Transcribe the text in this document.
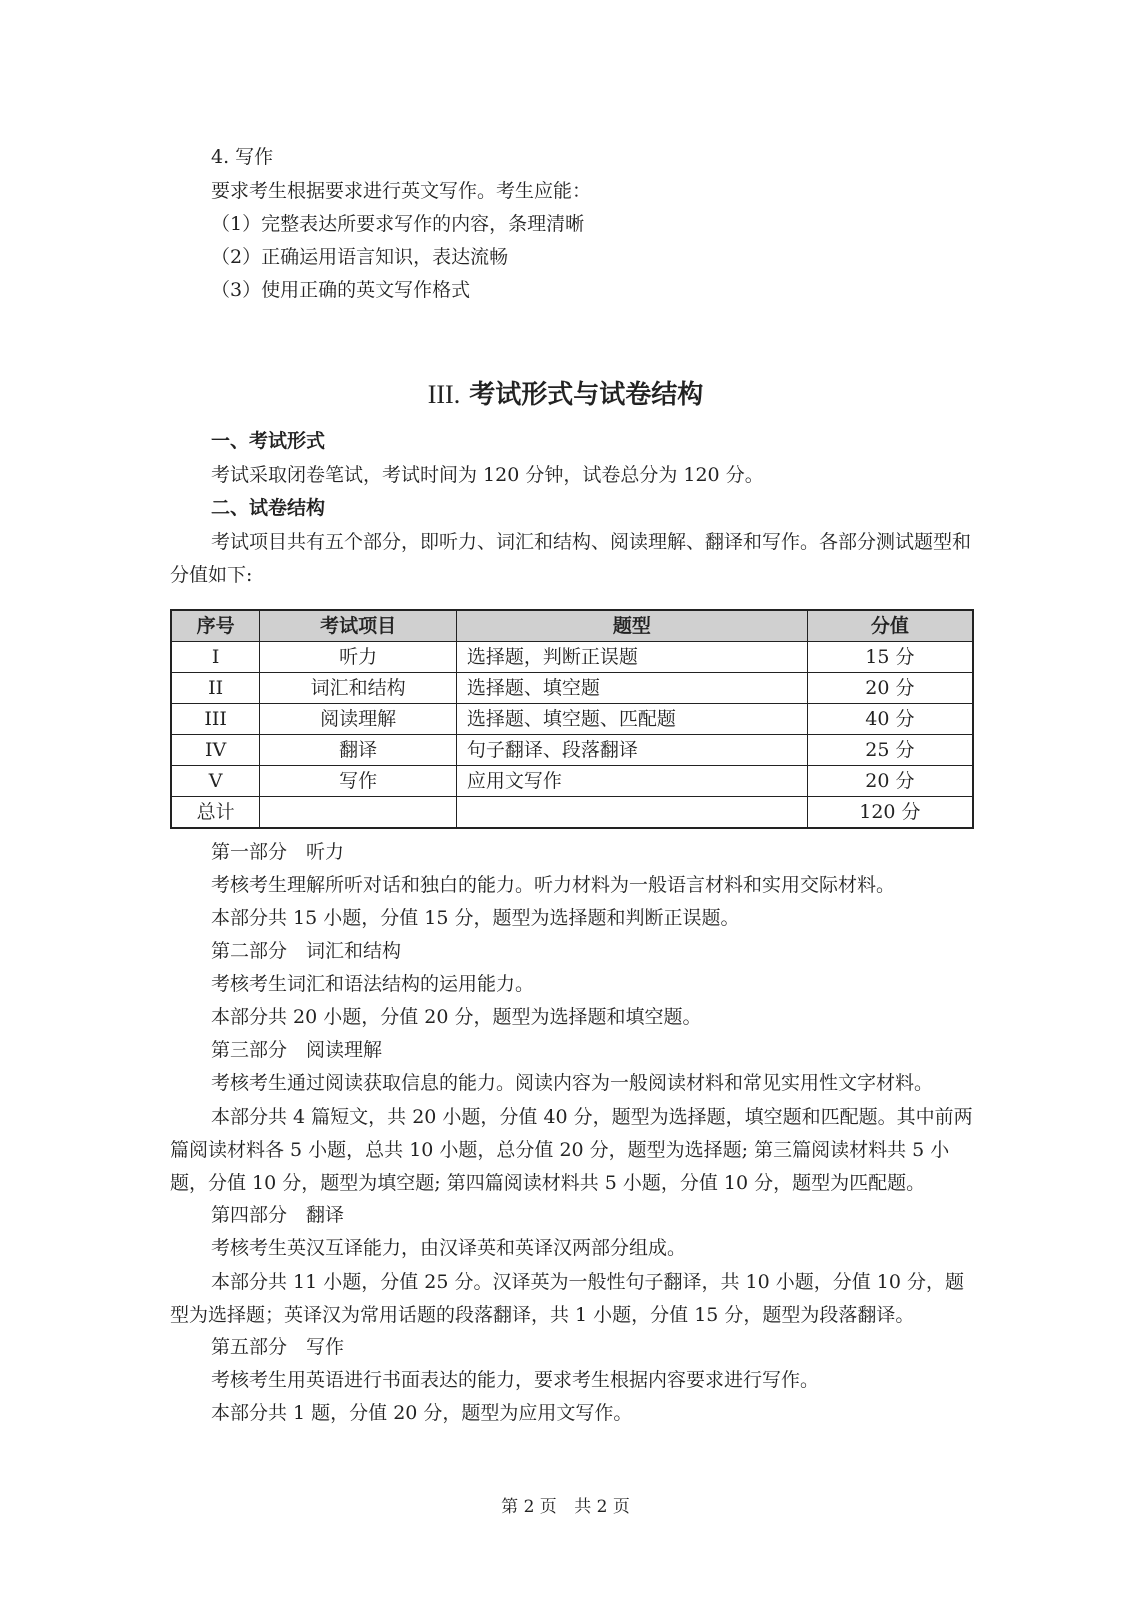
4. 写作
要求考生根据要求进行英文写作。考生应能：
（1）完整表达所要求写作的内容，条理清晰
（2）正确运用语言知识，表达流畅
（3）使用正确的英文写作格式
III. 考试形式与试卷结构
一、考试形式
考试采取闭卷笔试，考试时间为 120 分钟，试卷总分为 120 分。
二、试卷结构
考试项目共有五个部分，即听力、词汇和结构、阅读理解、翻译和写作。各部分测试题型和分值如下:
序号	考试项目	题型	分值
I	听力	选择题，判断正误题	15 分
II	词汇和结构	选择题、填空题	20 分
III	阅读理解	选择题、填空题、匹配题	40 分
IV	翻译	句子翻译、段落翻译	25 分
V	写作	应用文写作	20 分
总计			120 分
第一部分　听力
考核考生理解所听对话和独白的能力。听力材料为一般语言材料和实用交际材料。
本部分共 15 小题，分值 15 分，题型为选择题和判断正误题。
第二部分　词汇和结构
考核考生词汇和语法结构的运用能力。
本部分共 20 小题，分值 20 分，题型为选择题和填空题。
第三部分　阅读理解
考核考生通过阅读获取信息的能力。阅读内容为一般阅读材料和常见实用性文字材料。
本部分共 4 篇短文，共 20 小题，分值 40 分，题型为选择题，填空题和匹配题。其中前两篇阅读材料各 5 小题，总共 10 小题，总分值 20 分，题型为选择题; 第三篇阅读材料共 5 小题，分值 10 分，题型为填空题; 第四篇阅读材料共 5 小题，分值 10 分，题型为匹配题。
第四部分　翻译
考核考生英汉互译能力，由汉译英和英译汉两部分组成。
本部分共 11 小题，分值 25 分。汉译英为一般性句子翻译，共 10 小题，分值 10 分，题型为选择题；英译汉为常用话题的段落翻译，共 1 小题，分值 15 分，题型为段落翻译。
第五部分　写作
考核考生用英语进行书面表达的能力，要求考生根据内容要求进行写作。
本部分共 1 题，分值 20 分，题型为应用文写作。
第 2 页 共 2 页
